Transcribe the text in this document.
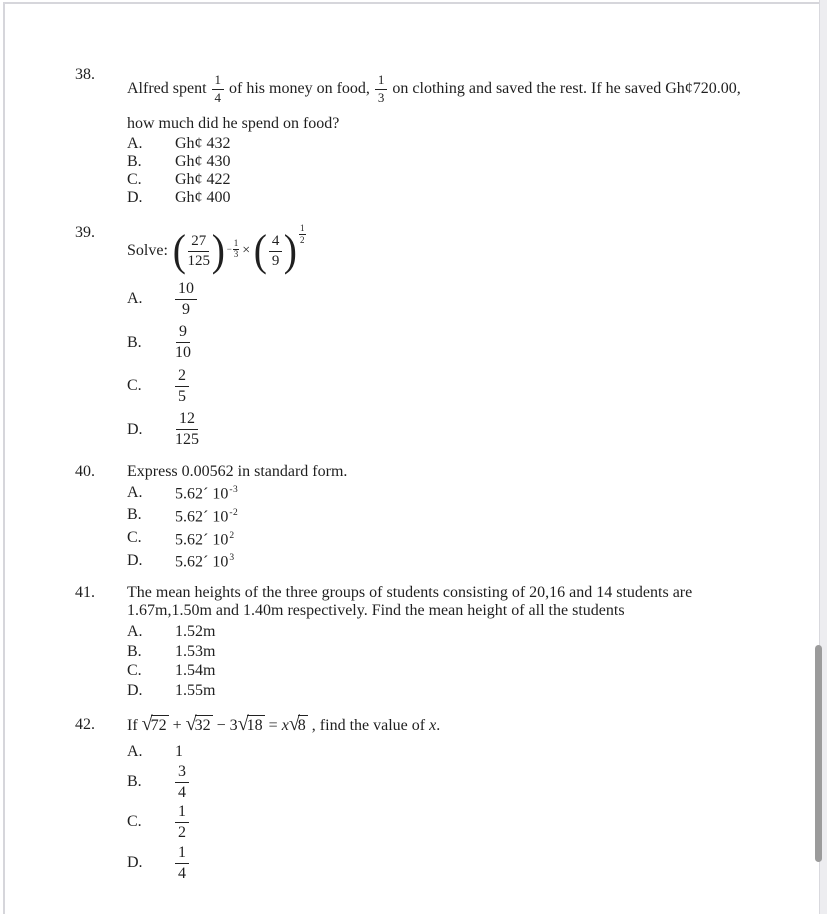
38.
Alfred spent $\frac{1}{4}$ of his money on food, $\frac{1}{3}$ on clothing and saved the rest. If he saved Gh¢720.00,
how much did he spend on food?
A.	Gh¢ 432
B.	Gh¢ 430
C.	Gh¢ 422
D.	Gh¢ 400
39.
Solve: ( $\frac{27}{125}$ ) − $\frac{1}{3}$ × ( $\frac{4}{9}$ ) $\frac{1}{2}$
A.	$\frac{10}{9}$
B.	$\frac{9}{10}$
C.	$\frac{2}{5}$
D.	$\frac{12}{125}$
40.	Express 0.00562 in standard form.
A.	5.62´ $10^{-3}$
B.	5.62´ $10^{-2}$
C.	5.62´ $10^2$
D.	5.62´ $10^3$
41.	The mean heights of the three groups of students consisting of 20,16 and 14 students are
1.67m,1.50m and 1.40m respectively. Find the mean height of all the students
A.	1.52m
B.	1.53m
C.	1.54m
D.	1.55m
42.	If √72 + √32 − 3√18 = x√8 , find the value of x.
A.	1
B.	$\frac{3}{4}$
C.	$\frac{1}{2}$
D.	$\frac{1}{4}$
